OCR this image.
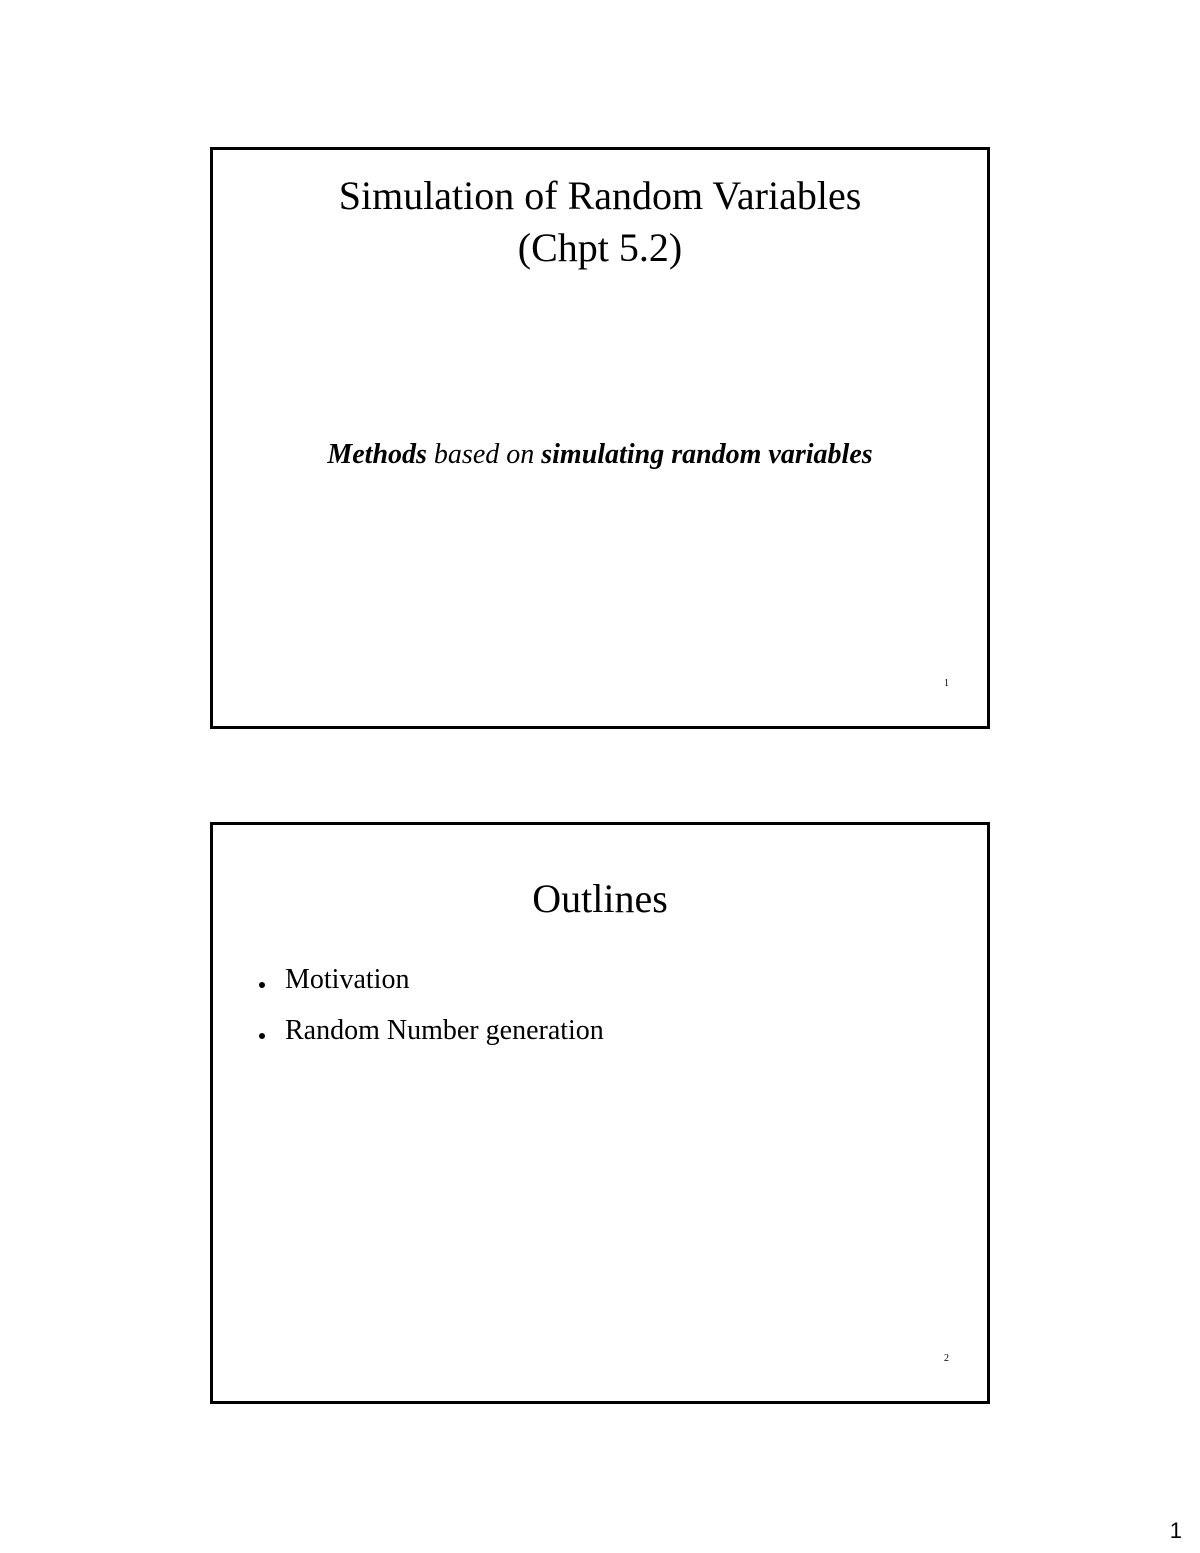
Simulation of Random Variables
(Chpt 5.2)
Methods based on simulating random variables
1
Outlines
Motivation
Random Number generation
2
1
